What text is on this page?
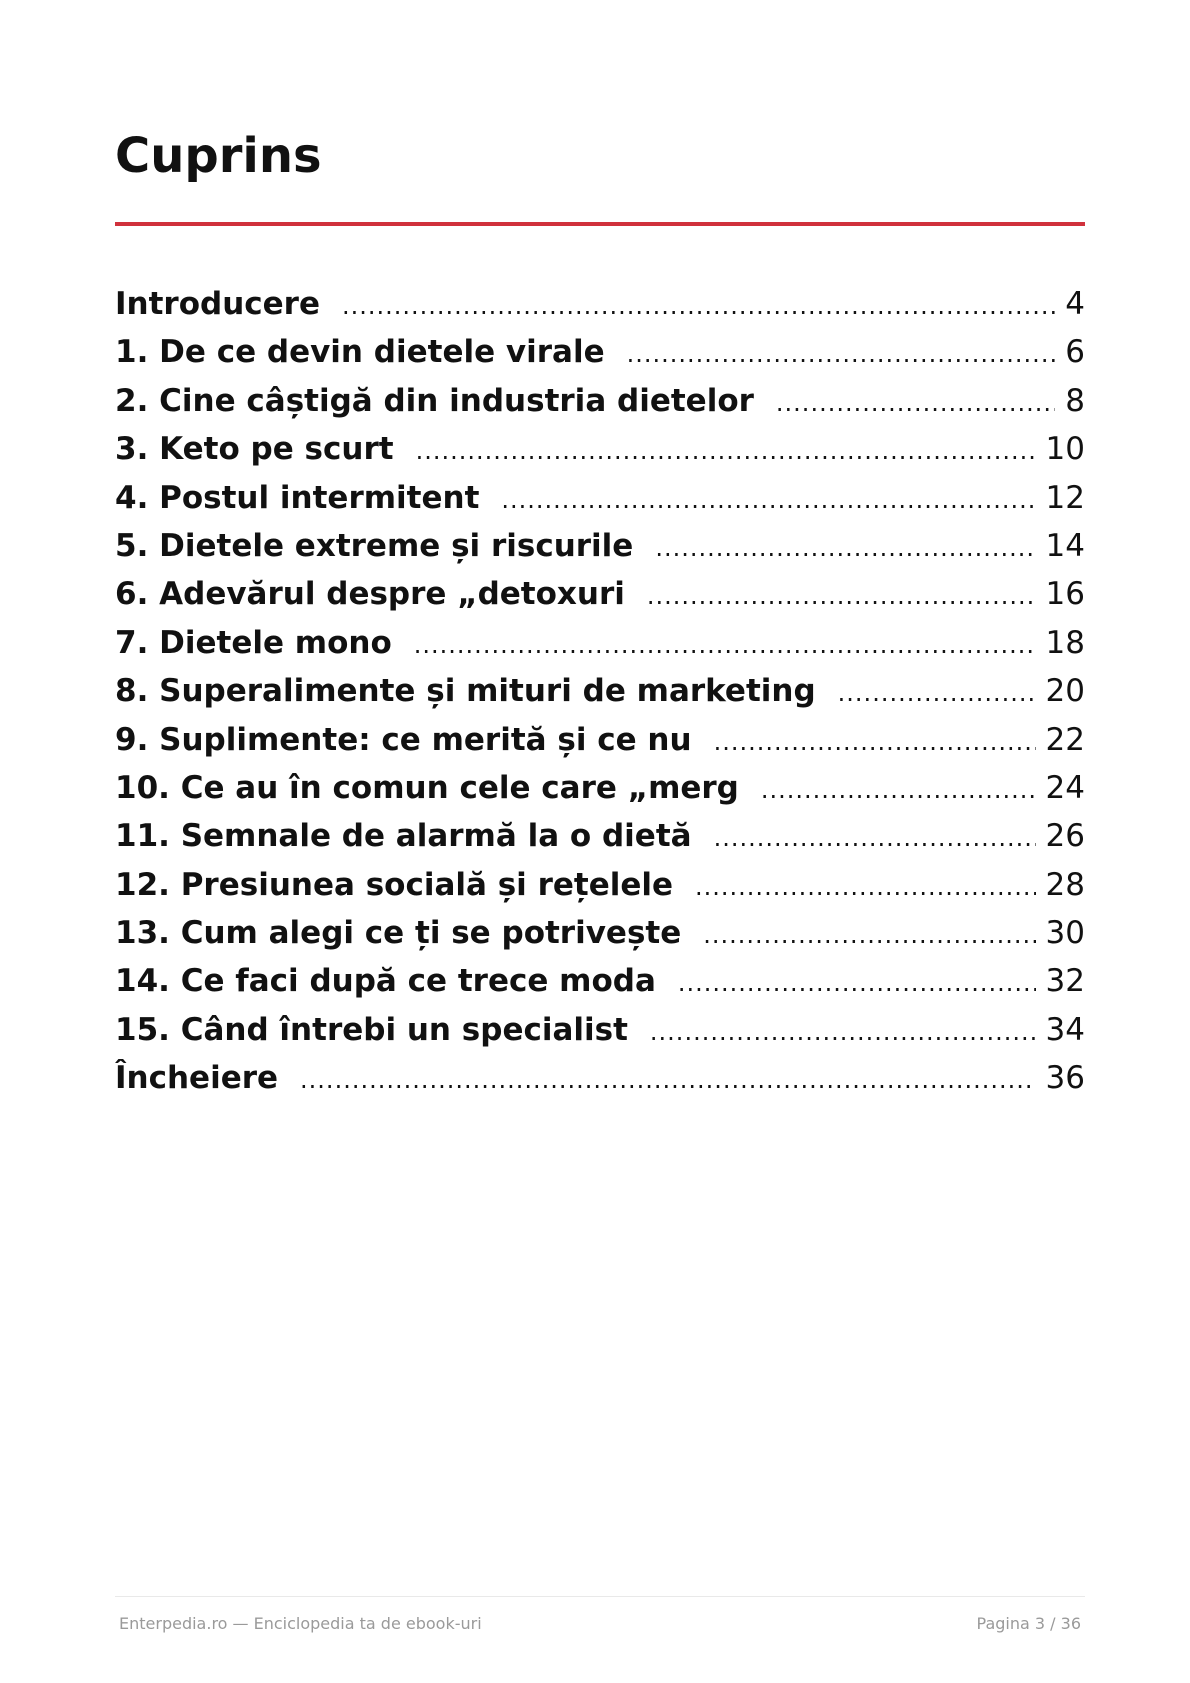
Cuprins
Introducere .....	4
1. De ce devin dietele virale .....	6
2. Cine câștigă din industria dietelor .....	8
3. Keto pe scurt .....	10
4. Postul intermitent .....	12
5. Dietele extreme și riscurile .....	14
6. Adevărul despre „detoxuri .....	16
7. Dietele mono .....	18
8. Superalimente și mituri de marketing .....	20
9. Suplimente: ce merită și ce nu .....	22
10. Ce au în comun cele care „merg .....	24
11. Semnale de alarmă la o dietă .....	26
12. Presiunea socială și rețelele .....	28
13. Cum alegi ce ți se potrivește .....	30
14. Ce faci după ce trece moda .....	32
15. Când întrebi un specialist .....	34
Încheiere .....	36
Enterpedia.ro — Enciclopedia ta de ebook-uri	Pagina 3 / 36
